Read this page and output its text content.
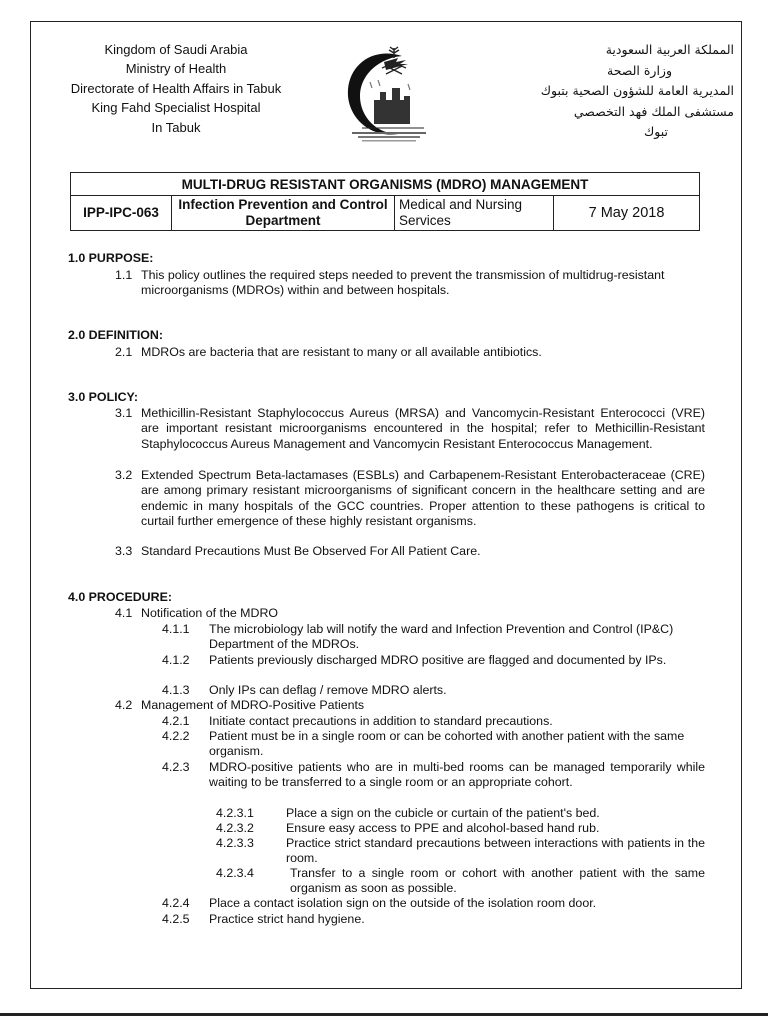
Kingdom of Saudi Arabia
Ministry of Health
Directorate of Health Affairs in Tabuk
King Fahd Specialist Hospital
In Tabuk
المملكة العربية السعودية
وزارة الصحة
المديرية العامة للشؤون الصحية بتبوك
مستشفى الملك فهد التخصصي
تبوك
MULTI-DRUG RESISTANT ORGANISMS (MDRO) MANAGEMENT
IPP-IPC-063	Infection Prevention and Control Department	Medical and Nursing Services	7 May 2018
1.0 PURPOSE:
1.1 This policy outlines the required steps needed to prevent the transmission of multidrug-resistant microorganisms (MDROs) within and between hospitals.
2.0 DEFINITION:
2.1 MDROs are bacteria that are resistant to many or all available antibiotics.
3.0 POLICY:
3.1 Methicillin-Resistant Staphylococcus Aureus (MRSA) and Vancomycin-Resistant Enterococci (VRE) are important resistant microorganisms encountered in the hospital; refer to Methicillin-Resistant Staphylococcus Aureus Management and Vancomycin Resistant Enterococcus Management.
3.2 Extended Spectrum Beta-lactamases (ESBLs) and Carbapenem-Resistant Enterobacteraceae (CRE) are among primary resistant microorganisms of significant concern in the healthcare setting and are endemic in many hospitals of the GCC countries. Proper attention to these pathogens is critical to curtail further emergence of these highly resistant organisms.
3.3 Standard Precautions Must Be Observed For All Patient Care.
4.0 PROCEDURE:
4.1 Notification of the MDRO
4.1.1	The microbiology lab will notify the ward and Infection Prevention and Control (IP&C) Department of the MDROs.
4.1.2	Patients previously discharged MDRO positive are flagged and documented by IPs.
4.1.3	Only IPs can deflag / remove MDRO alerts.
4.2 Management of MDRO-Positive Patients
4.2.1	Initiate contact precautions in addition to standard precautions.
4.2.2	Patient must be in a single room or can be cohorted with another patient with the same organism.
4.2.3	MDRO-positive patients who are in multi-bed rooms can be managed temporarily while waiting to be transferred to a single room or an appropriate cohort.
4.2.3.1	Place a sign on the cubicle or curtain of the patient's bed.
4.2.3.2	Ensure easy access to PPE and alcohol-based hand rub.
4.2.3.3	Practice strict standard precautions between interactions with patients in the room.
4.2.3.4	Transfer to a single room or cohort with another patient with the same organism as soon as possible.
4.2.4	Place a contact isolation sign on the outside of the isolation room door.
4.2.5	Practice strict hand hygiene.
